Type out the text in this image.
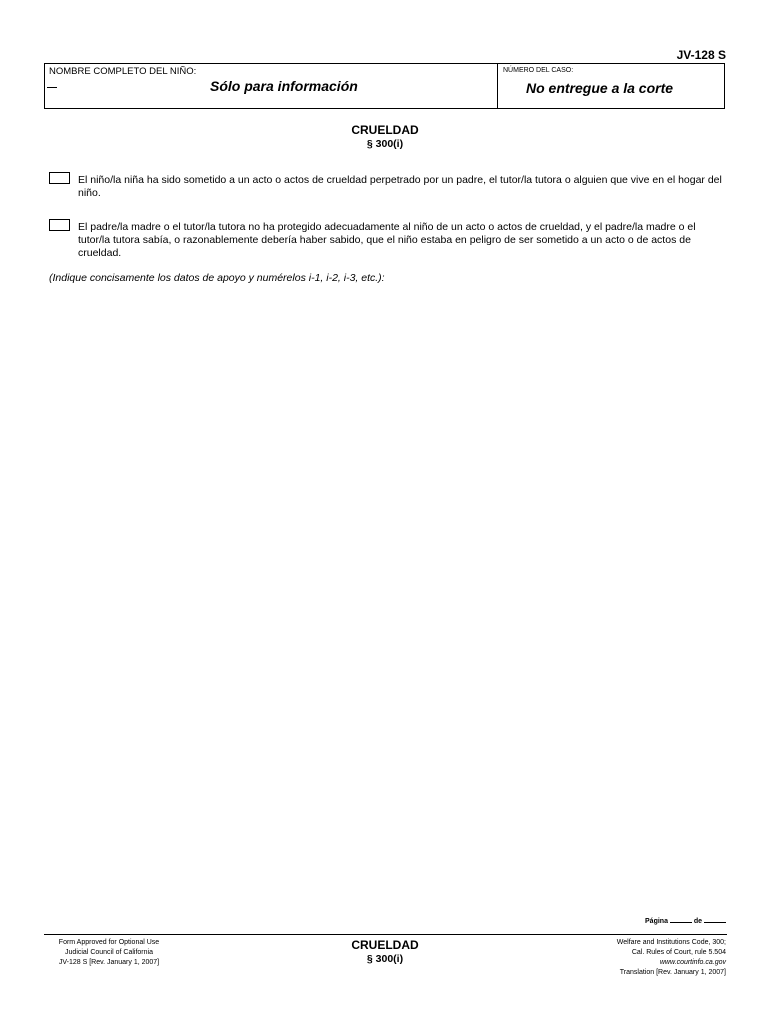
JV-128 S
NOMBRE COMPLETO DEL NIÑO:
Sólo para información
NÚMERO DEL CASO:
No entregue a la corte
CRUELDAD
§ 300(i)
El niño/la niña ha sido sometido a un acto o actos de crueldad perpetrado por un padre, el tutor/la tutora o alguien que vive en el hogar del niño.
El padre/la madre o el tutor/la tutora no ha protegido adecuadamente al niño de un acto o actos de crueldad, y el padre/la madre o el tutor/la tutora sabía, o razonablemente debería haber sabido, que el niño estaba en peligro de ser sometido a un acto o de actos de crueldad.
(Indique concisamente los datos de apoyo y numérelos i-1, i-2, i-3, etc.):
Página	de
Form Approved for Optional Use
Judicial Council of California
JV-128 S [Rev. January 1, 2007]
CRUELDAD
§ 300(i)
Welfare and Institutions Code, 300;
Cal. Rules of Court, rule 5.504
www.courtinfo.ca.gov
Translation [Rev. January 1, 2007]
